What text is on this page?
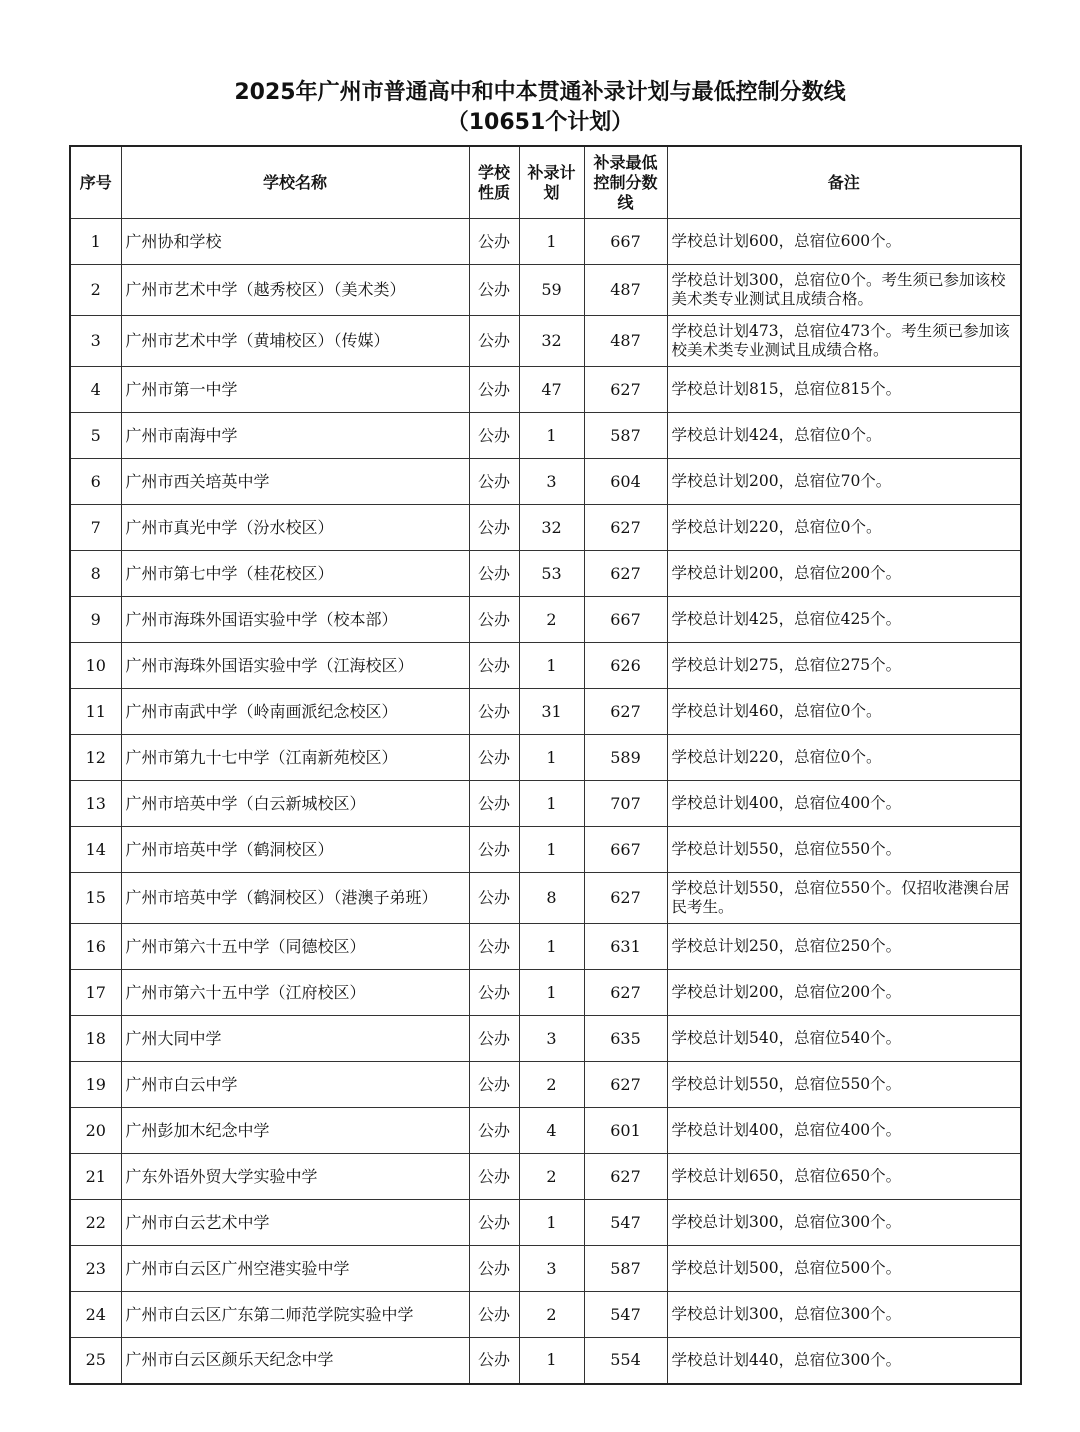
2025年广州市普通高中和中本贯通补录计划与最低控制分数线
（10651个计划）
序号	学校名称	学校性质	补录计划	补录最低控制分数线	备注
1	广州协和学校	公办	1	667	学校总计划600，总宿位600个。
2	广州市艺术中学（越秀校区）（美术类）	公办	59	487	学校总计划300，总宿位0个。考生须已参加该校美术类专业测试且成绩合格。
3	广州市艺术中学（黄埔校区）（传媒）	公办	32	487	学校总计划473，总宿位473个。考生须已参加该校美术类专业测试且成绩合格。
4	广州市第一中学	公办	47	627	学校总计划815，总宿位815个。
5	广州市南海中学	公办	1	587	学校总计划424，总宿位0个。
6	广州市西关培英中学	公办	3	604	学校总计划200，总宿位70个。
7	广州市真光中学（汾水校区）	公办	32	627	学校总计划220，总宿位0个。
8	广州市第七中学（桂花校区）	公办	53	627	学校总计划200，总宿位200个。
9	广州市海珠外国语实验中学（校本部）	公办	2	667	学校总计划425，总宿位425个。
10	广州市海珠外国语实验中学（江海校区）	公办	1	626	学校总计划275，总宿位275个。
11	广州市南武中学（岭南画派纪念校区）	公办	31	627	学校总计划460，总宿位0个。
12	广州市第九十七中学（江南新苑校区）	公办	1	589	学校总计划220，总宿位0个。
13	广州市培英中学（白云新城校区）	公办	1	707	学校总计划400，总宿位400个。
14	广州市培英中学（鹤洞校区）	公办	1	667	学校总计划550，总宿位550个。
15	广州市培英中学（鹤洞校区）（港澳子弟班）	公办	8	627	学校总计划550，总宿位550个。仅招收港澳台居民考生。
16	广州市第六十五中学（同德校区）	公办	1	631	学校总计划250，总宿位250个。
17	广州市第六十五中学（江府校区）	公办	1	627	学校总计划200，总宿位200个。
18	广州大同中学	公办	3	635	学校总计划540，总宿位540个。
19	广州市白云中学	公办	2	627	学校总计划550，总宿位550个。
20	广州彭加木纪念中学	公办	4	601	学校总计划400，总宿位400个。
21	广东外语外贸大学实验中学	公办	2	627	学校总计划650，总宿位650个。
22	广州市白云艺术中学	公办	1	547	学校总计划300，总宿位300个。
23	广州市白云区广州空港实验中学	公办	3	587	学校总计划500，总宿位500个。
24	广州市白云区广东第二师范学院实验中学	公办	2	547	学校总计划300，总宿位300个。
25	广州市白云区颜乐天纪念中学	公办	1	554	学校总计划440，总宿位300个。
